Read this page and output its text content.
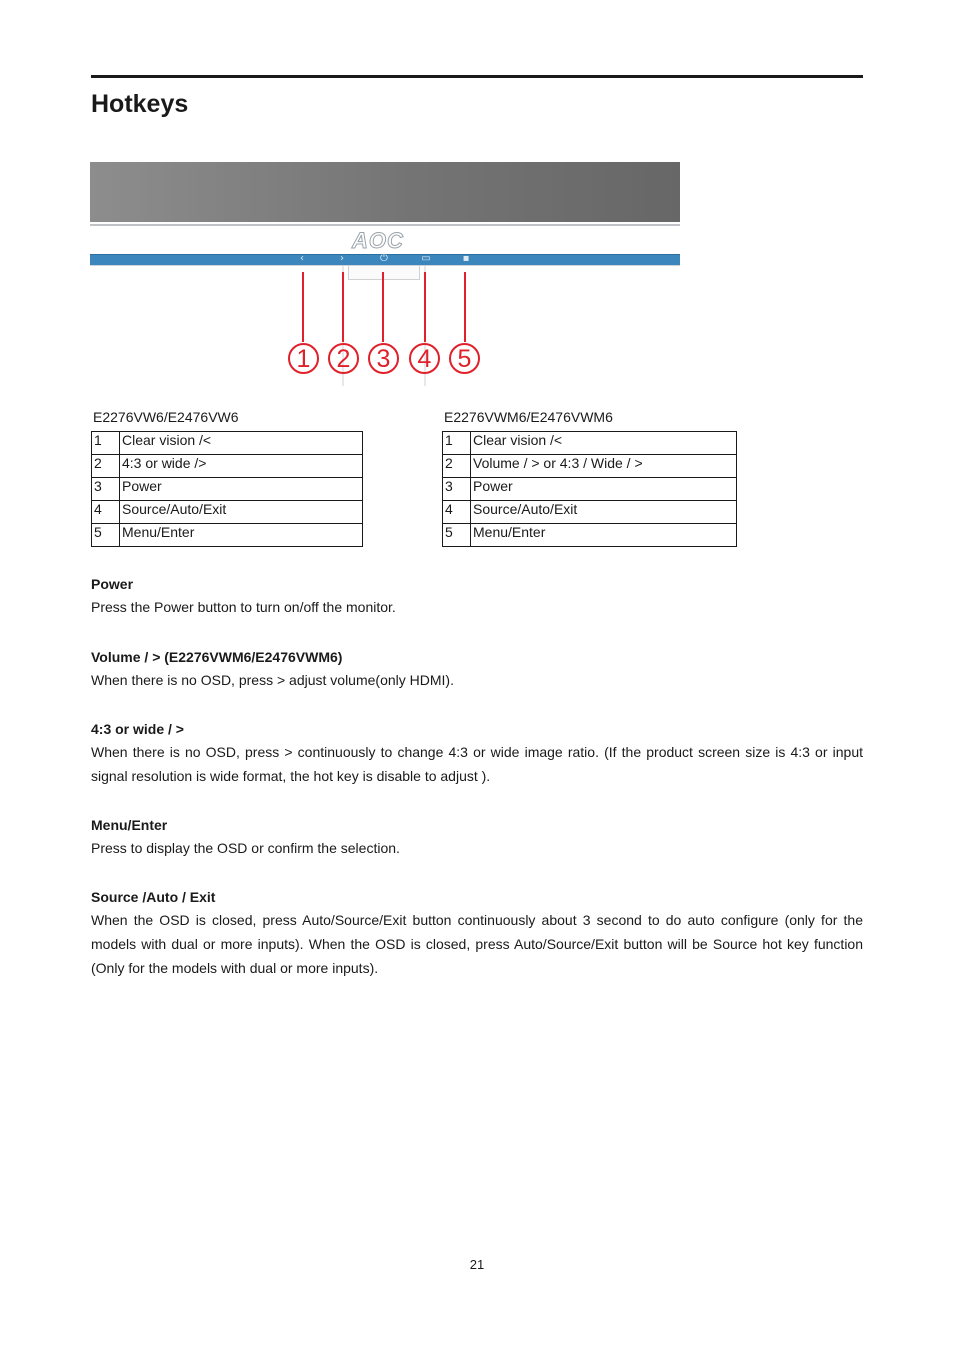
Hotkeys
AOC
‹	›	⏻	▭	▪
1	2	3	4	5
E2276VW6/E2476VW6
1	Clear vision /<
2	4:3 or wide />
3	Power
4	Source/Auto/Exit
5	Menu/Enter
E2276VWM6/E2476VWM6
1	Clear vision /<
2	Volume / > or 4:3 / Wide / >
3	Power
4	Source/Auto/Exit
5	Menu/Enter
Power

Press the Power button to turn on/off the monitor.

Volume / > (E2276VWM6/E2476VWM6)

When there is no OSD, press > adjust volume(only HDMI).

4:3 or wide / >

When there is no OSD, press > continuously to change 4:3 or wide image ratio. (If the product screen size is 4:3 or input signal resolution is wide format, the hot key is disable to adjust ).

Menu/Enter

Press to display the OSD or confirm the selection.

Source /Auto / Exit

When the OSD is closed, press Auto/Source/Exit button continuously about 3 second to do auto configure (only for the models with dual or more inputs). When the OSD is closed, press Auto/Source/Exit button will be Source hot key function (Only for the models with dual or more inputs).

21
